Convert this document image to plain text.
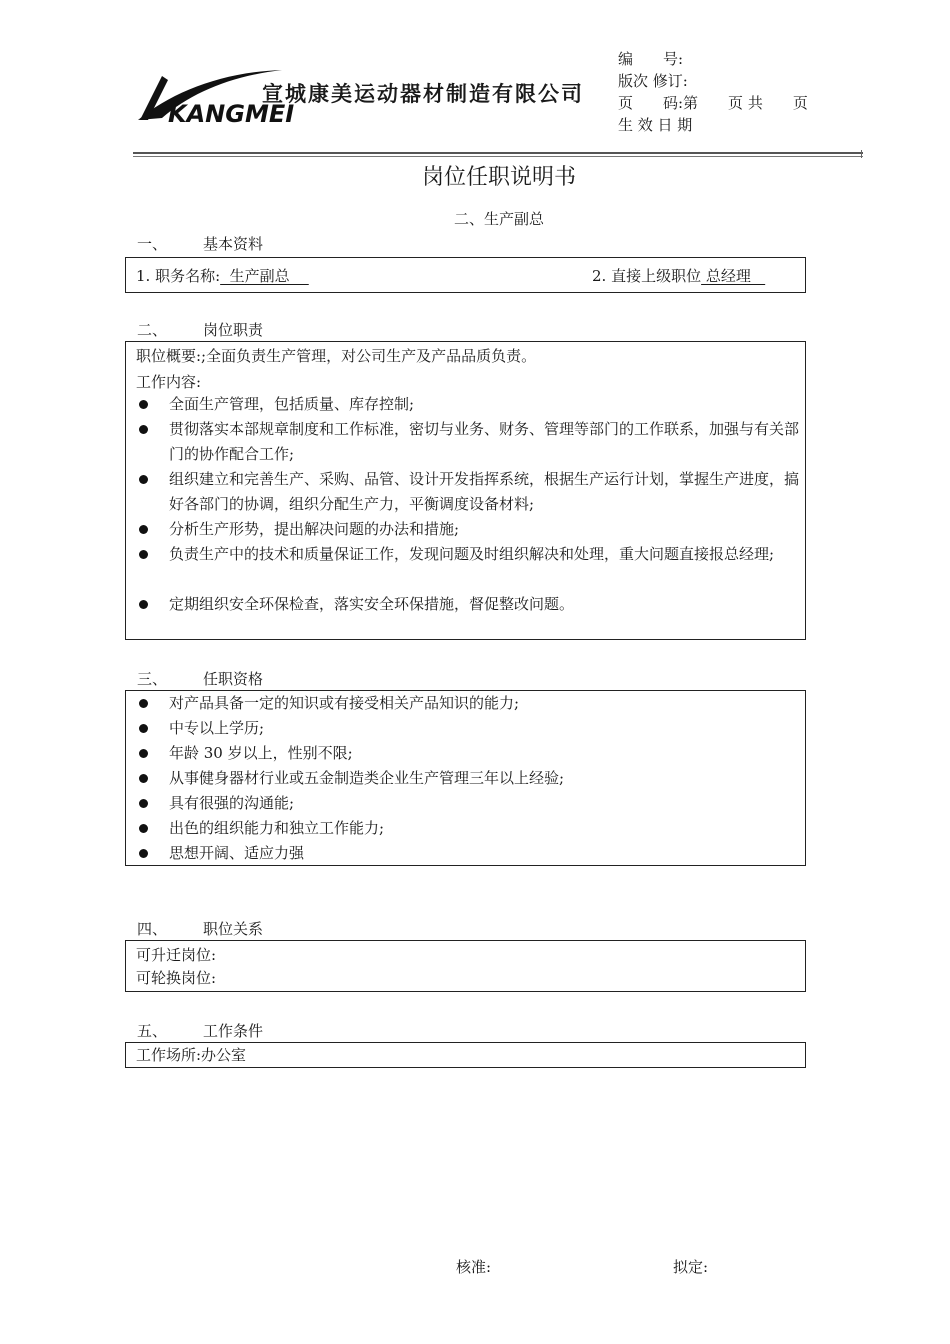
KANGMEI
宣城康美运动器材制造有限公司
编　　号:
版次 修订:
页　　码:第　　页 共　　页
生 效 日 期
岗位任职说明书
二、生产副总
一、 基本资料
1. 职务名称:  生产副总	2. 直接上级职位 总经理
二、 岗位职责
职位概要:;全面负责生产管理，对公司生产及产品品质负责。
工作内容:
全面生产管理，包括质量、库存控制;
贯彻落实本部规章制度和工作标准，密切与业务、财务、管理等部门的工作联系，加强与有关部门的协作配合工作;
组织建立和完善生产、采购、品管、设计开发指挥系统，根据生产运行计划，掌握生产进度，搞好各部门的协调，组织分配生产力，平衡调度设备材料;
分析生产形势，提出解决问题的办法和措施;
负责生产中的技术和质量保证工作，发现问题及时组织解决和处理，重大问题直接报总经理;
定期组织安全环保检查，落实安全环保措施，督促整改问题。
三、 任职资格
对产品具备一定的知识或有接受相关产品知识的能力;
中专以上学历;
年龄 30 岁以上，性别不限;
从事健身器材行业或五金制造类企业生产管理三年以上经验;
具有很强的沟通能;
出色的组织能力和独立工作能力;
思想开阔、适应力强
四、 职位关系
可升迁岗位:
可轮换岗位:
五、 工作条件
工作场所:办公室
核准:	拟定:
